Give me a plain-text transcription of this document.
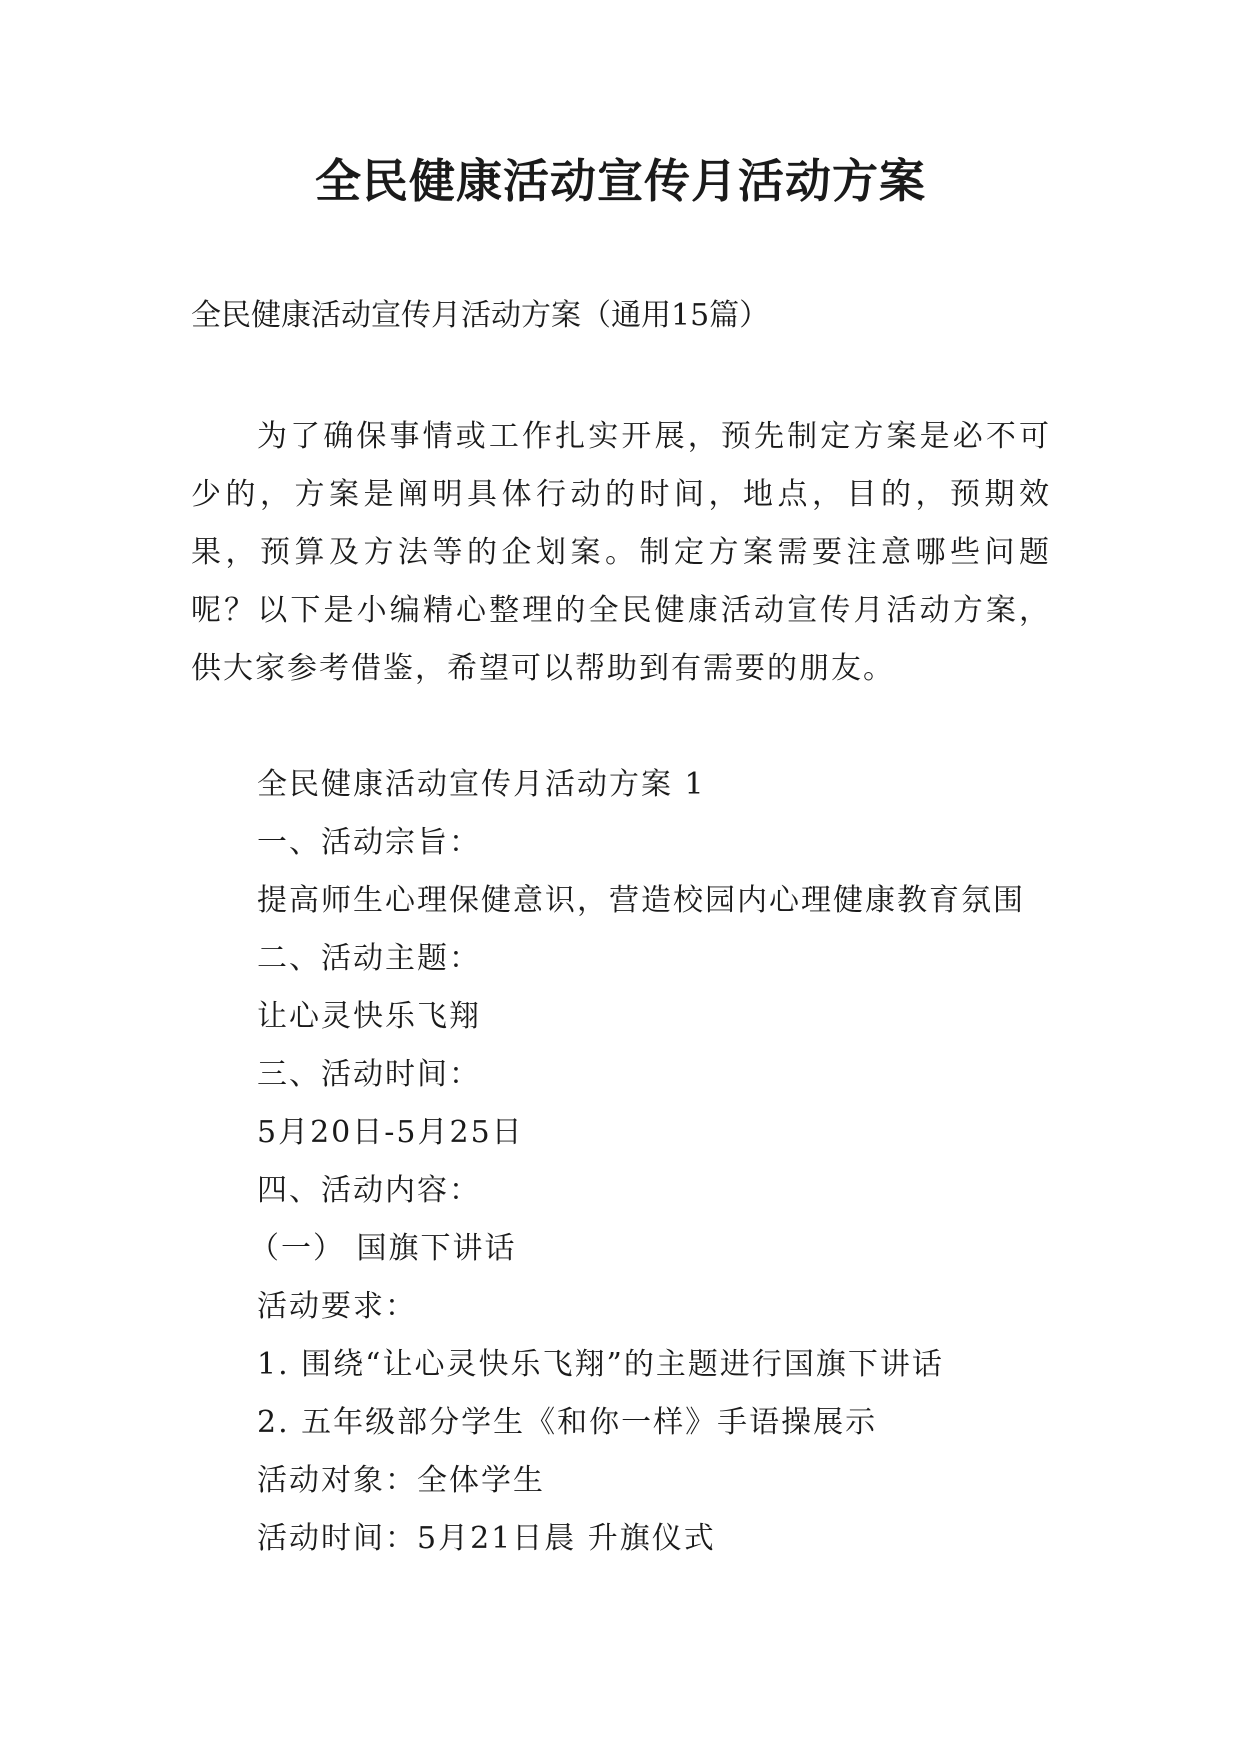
全民健康活动宣传月活动方案

全民健康活动宣传月活动方案（通用15篇）

为了确保事情或工作扎实开展，预先制定方案是必不可少的，方案是阐明具体行动的时间，地点，目的，预期效果，预算及方法等的企划案。制定方案需要注意哪些问题呢？以下是小编精心整理的全民健康活动宣传月活动方案，供大家参考借鉴，希望可以帮助到有需要的朋友。

全民健康活动宣传月活动方案 1
一、活动宗旨：
提高师生心理保健意识，营造校园内心理健康教育氛围
二、活动主题：
让心灵快乐飞翔
三、活动时间：
5月20日-5月25日
四、活动内容：
（一） 国旗下讲话
活动要求：
1. 围绕“让心灵快乐飞翔”的主题进行国旗下讲话
2. 五年级部分学生《和你一样》手语操展示
活动对象：全体学生
活动时间：5月21日晨 升旗仪式
